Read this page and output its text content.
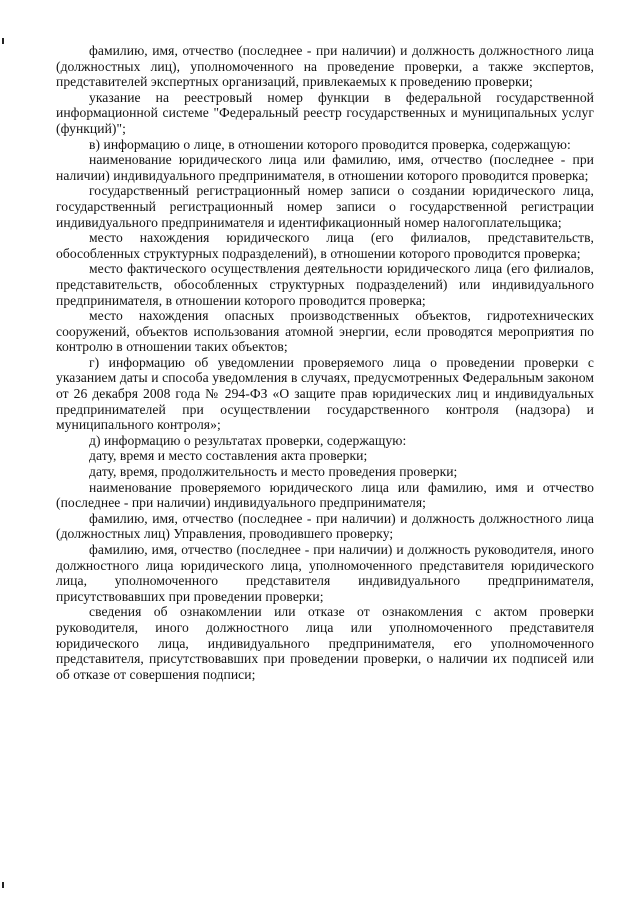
фамилию, имя, отчество (последнее - при наличии) и должность должностного лица (должностных лиц), уполномоченного на проведение проверки, а также экспертов, представителей экспертных организаций, привлекаемых к проведению проверки;

указание на реестровый номер функции в федеральной государственной информационной системе "Федеральный реестр государственных и муниципальных услуг (функций)";

в) информацию о лице, в отношении которого проводится проверка, содержащую:

наименование юридического лица или фамилию, имя, отчество (последнее - при наличии) индивидуального предпринимателя, в отношении которого проводится проверка;

государственный регистрационный номер записи о создании юридического лица, государственный регистрационный номер записи о государственной регистрации индивидуального предпринимателя и идентификационный номер налогоплательщика;

место нахождения юридического лица (его филиалов, представительств, обособленных структурных подразделений), в отношении которого проводится проверка;

место фактического осуществления деятельности юридического лица (его филиалов, представительств, обособленных структурных подразделений) или индивидуального предпринимателя, в отношении которого проводится проверка;

место нахождения опасных производственных объектов, гидротехнических сооружений, объектов использования атомной энергии, если проводятся мероприятия по контролю в отношении таких объектов;

г) информацию об уведомлении проверяемого лица о проведении проверки с указанием даты и способа уведомления в случаях, предусмотренных Федеральным законом от 26 декабря 2008 года № 294-ФЗ «О защите прав юридических лиц и индивидуальных предпринимателей при осуществлении государственного контроля (надзора) и муниципального контроля»;

д) информацию о результатах проверки, содержащую:

дату, время и место составления акта проверки;

дату, время, продолжительность и место проведения проверки;

наименование проверяемого юридического лица или фамилию, имя и отчество (последнее - при наличии) индивидуального предпринимателя;

фамилию, имя, отчество (последнее - при наличии) и должность должностного лица (должностных лиц) Управления, проводившего проверку;

фамилию, имя, отчество (последнее - при наличии) и должность руководителя, иного должностного лица юридического лица, уполномоченного представителя юридического лица, уполномоченного представителя индивидуального предпринимателя, присутствовавших при проведении проверки;

сведения об ознакомлении или отказе от ознакомления с актом проверки руководителя, иного должностного лица или уполномоченного представителя юридического лица, индивидуального предпринимателя, его уполномоченного представителя, присутствовавших при проведении проверки, о наличии их подписей или об отказе от совершения подписи;
